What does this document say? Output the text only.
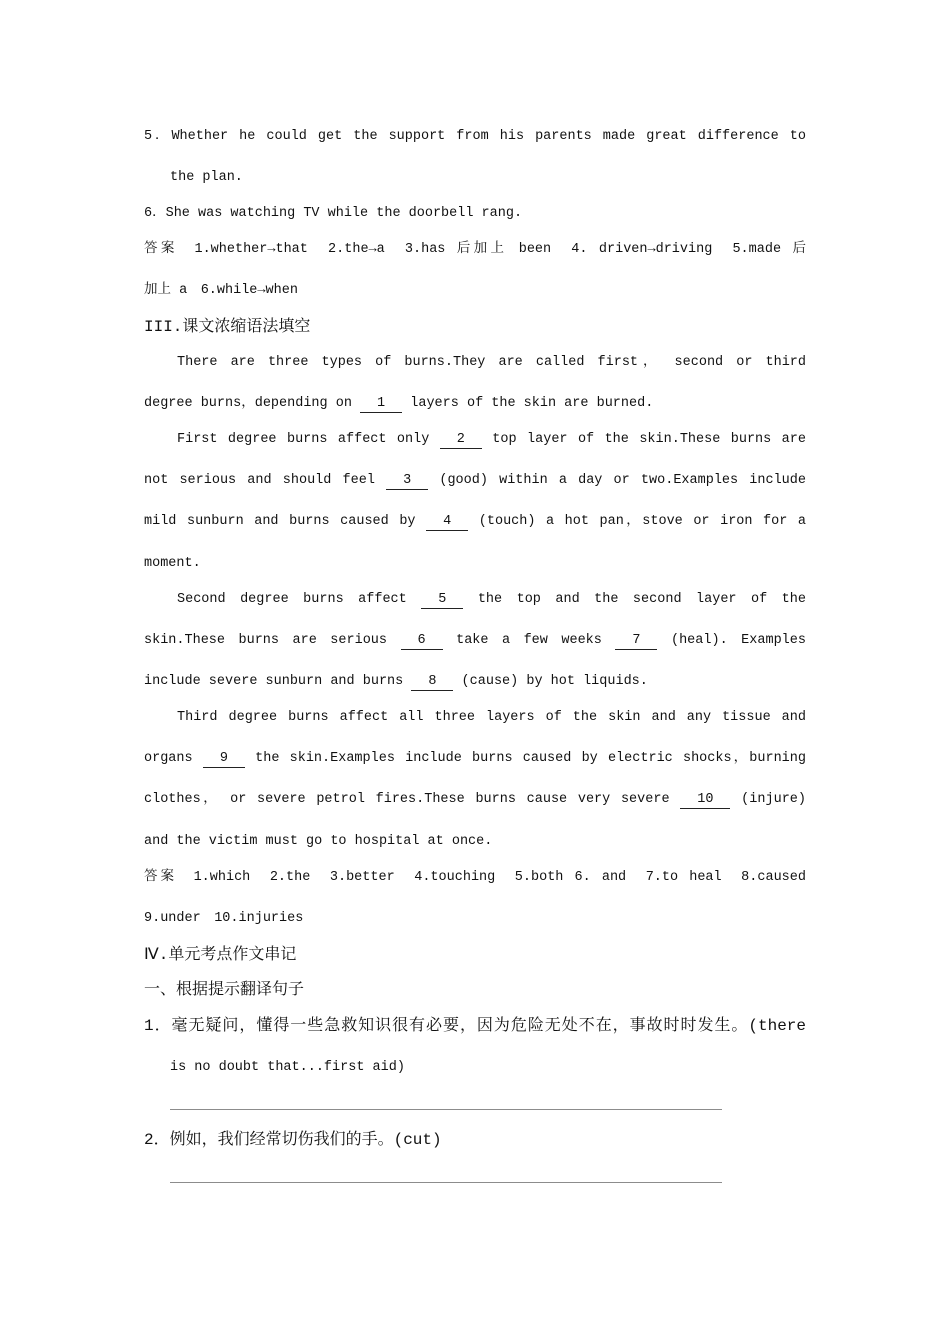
5．Whether he could get the support from his parents made great difference to
the plan.
6．She was watching TV while the doorbell rang.
答案　1.whether→that　2.the→a　3.has 后加上 been　4. driven→driving　5.made 后
加上 a　6.while→when
III.课文浓缩语法填空
There are three types of burns.They are called first， second or third
degree burns，depending on 1 layers of the skin are burned.
First degree burns affect only 2 top layer of the skin.These burns are
not serious and should feel 3 (good) within a day or two.Examples include
mild sunburn and burns caused by 4 (touch) a hot pan，stove or iron for a
moment.
Second degree burns affect 5 the top and the second layer of the
skin.These burns are serious 6 take a few weeks 7 (heal). Examples
include severe sunburn and burns 8 (cause) by hot liquids.
Third degree burns affect all three layers of the skin and any tissue and
organs 9 the skin.Examples include burns caused by electric shocks，burning
clothes， or severe petrol fires.These burns cause very severe 10 (injure)
and the victim must go to hospital at once.
答案　1.which　2.the　3.better　4.touching　5.both 6. and　7.to heal　8.caused
9.under　10.injuries
Ⅳ.单元考点作文串记
一、根据提示翻译句子
1．毫无疑问，懂得一些急救知识很有必要，因为危险无处不在，事故时时发生。(there
is no doubt that...first aid)
2．例如，我们经常切伤我们的手。(cut)
